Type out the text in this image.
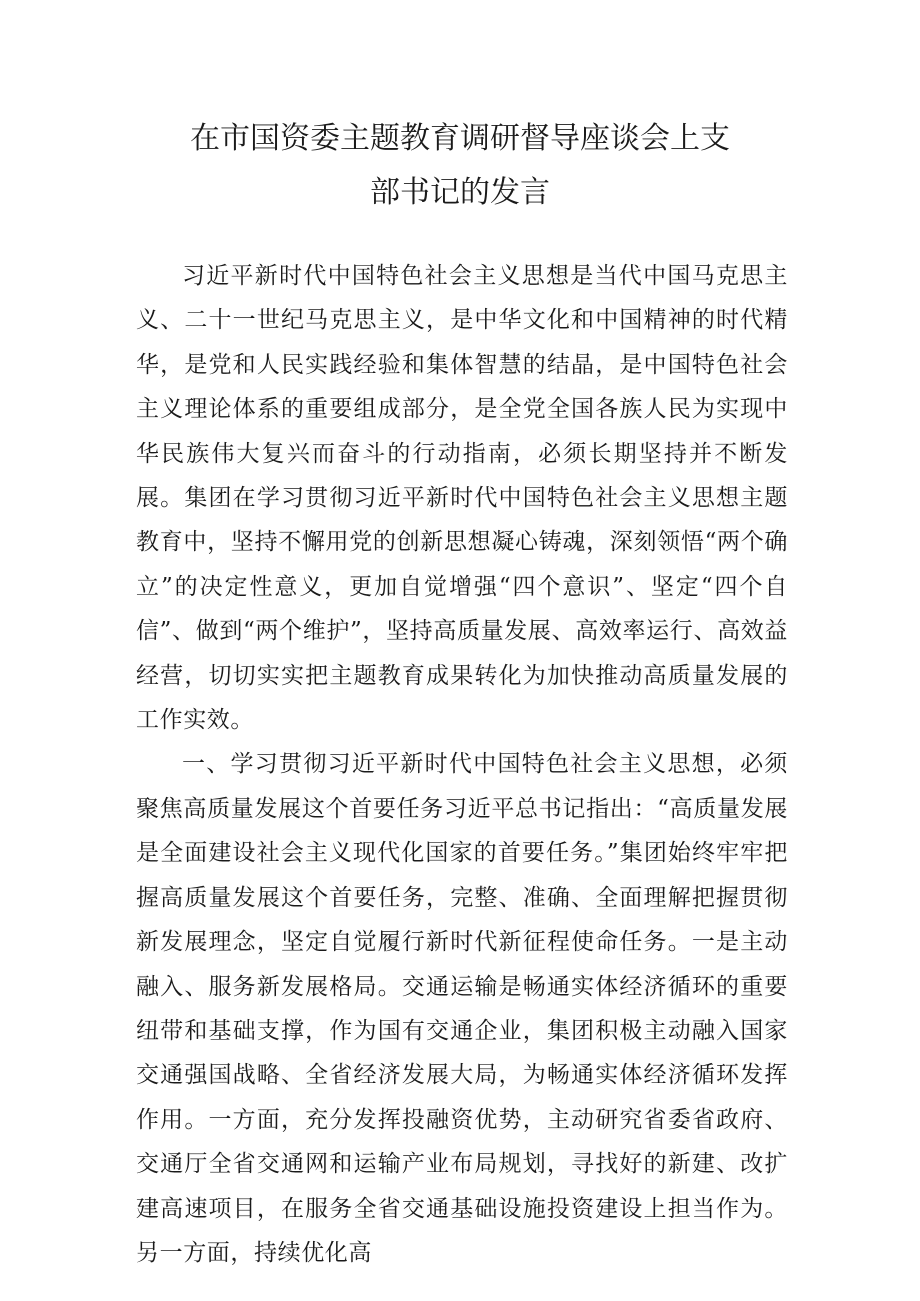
在市国资委主题教育调研督导座谈会上支
部书记的发言

习近平新时代中国特色社会主义思想是当代中国马克思主义、二十一世纪马克思主义，是中华文化和中国精神的时代精华，是党和人民实践经验和集体智慧的结晶，是中国特色社会主义理论体系的重要组成部分，是全党全国各族人民为实现中华民族伟大复兴而奋斗的行动指南，必须长期坚持并不断发展。集团在学习贯彻习近平新时代中国特色社会主义思想主题教育中，坚持不懈用党的创新思想凝心铸魂，深刻领悟“两个确立”的决定性意义，更加自觉增强“四个意识”、坚定“四个自信”、做到“两个维护”，坚持高质量发展、高效率运行、高效益经营，切切实实把主题教育成果转化为加快推动高质量发展的工作实效。

一、学习贯彻习近平新时代中国特色社会主义思想，必须聚焦高质量发展这个首要任务习近平总书记指出：“高质量发展是全面建设社会主义现代化国家的首要任务。”集团始终牢牢把握高质量发展这个首要任务，完整、准确、全面理解把握贯彻新发展理念，坚定自觉履行新时代新征程使命任务。一是主动融入、服务新发展格局。交通运输是畅通实体经济循环的重要纽带和基础支撑，作为国有交通企业，集团积极主动融入国家交通强国战略、全省经济发展大局，为畅通实体经济循环发挥作用。一方面，充分发挥投融资优势，主动研究省委省政府、交通厅全省交通网和运输产业布局规划，寻找好的新建、改扩建高速项目，在服务全省交通基础设施投资建设上担当作为。另一方面，持续优化高
